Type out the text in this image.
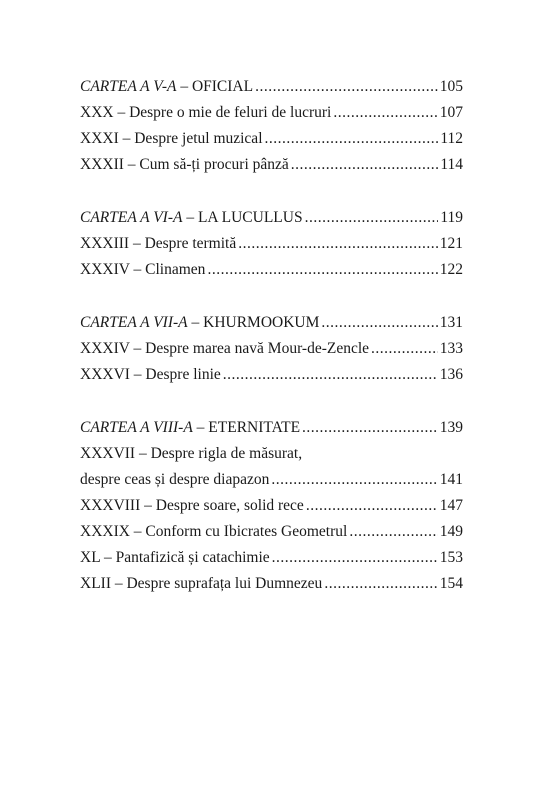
CARTEA A V-A – OFICIAL .....	105
XXX – Despre o mie de feluri de lucruri .....	107
XXXI – Despre jetul muzical .....	112
XXXII – Cum să-ți procuri pânză .....	114
CARTEA A VI-A – LA LUCULLUS .....	119
XXXIII – Despre termită .....	121
XXXIV – Clinamen .....	122
CARTEA A VII-A – KHURMOOKUM .....	131
XXXIV – Despre marea navă Mour-de-Zencle .....	133
XXXVI – Despre linie .....	136
CARTEA A VIII-A – ETERNITATE .....	139
XXXVII – Despre rigla de măsurat,
despre ceas și despre diapazon .....	141
XXXVIII – Despre soare, solid rece .....	147
XXXIX – Conform cu Ibicrates Geometrul .....	149
XL – Pantafizică și catachimie .....	153
XLII – Despre suprafața lui Dumnezeu .....	154
